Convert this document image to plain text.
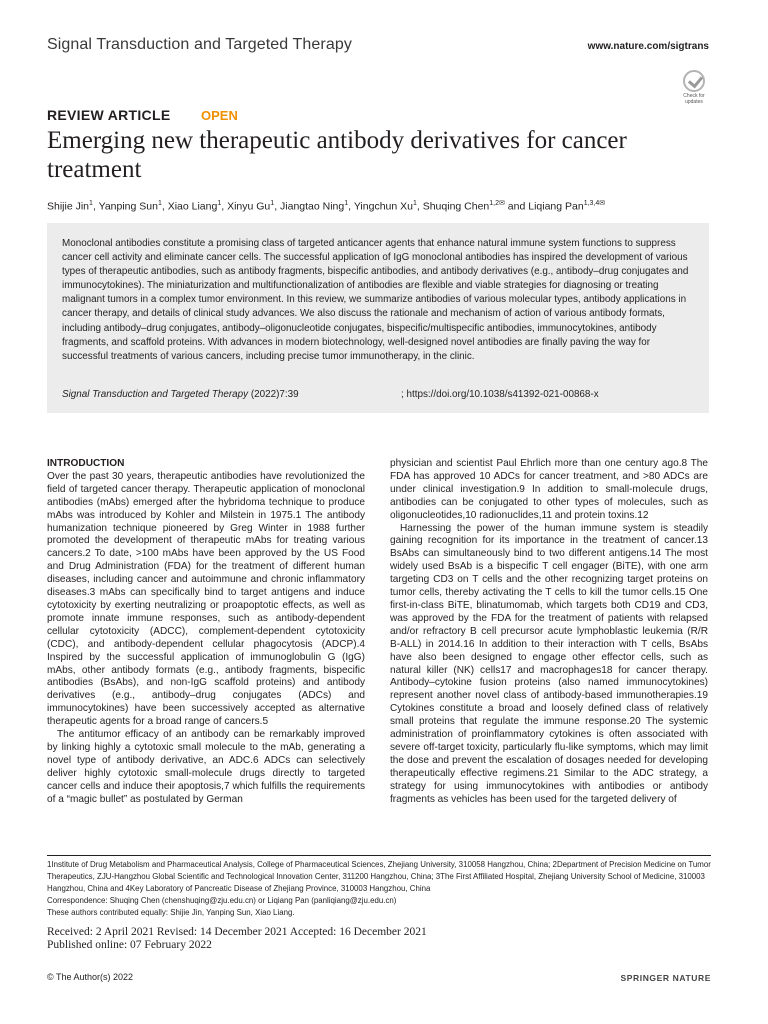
Signal Transduction and Targeted Therapy	www.nature.com/sigtrans
Check for updates
REVIEW ARTICLE OPEN
Emerging new therapeutic antibody derivatives for cancer treatment
Shijie Jin$^1$, Yanping Sun$^1$, Xiao Liang$^1$, Xinyu Gu$^1$, Jiangtao Ning$^1$, Yingchun Xu$^1$, Shuqing Chen$^{1,2✉}$ and Liqiang Pan$^{1,3,4✉}$

Monoclonal antibodies constitute a promising class of targeted anticancer agents that enhance natural immune system functions to suppress cancer cell activity and eliminate cancer cells. The successful application of IgG monoclonal antibodies has inspired the development of various types of therapeutic antibodies, such as antibody fragments, bispecific antibodies, and antibody derivatives (e.g., antibody–drug conjugates and immunocytokines). The miniaturization and multifunctionalization of antibodies are flexible and viable strategies for diagnosing or treating malignant tumors in a complex tumor environment. In this review, we summarize antibodies of various molecular types, antibody applications in cancer therapy, and details of clinical study advances. We also discuss the rationale and mechanism of action of various antibody formats, including antibody–drug conjugates, antibody–oligonucleotide conjugates, bispecific/multispecific antibodies, immunocytokines, antibody fragments, and scaffold proteins. With advances in modern biotechnology, well-designed novel antibodies are finally paving the way for successful treatments of various cancers, including precise tumor immunotherapy, in the clinic.

Signal Transduction and Targeted Therapy (2022)7:39	; https://doi.org/10.1038/s41392-021-00868-x
INTRODUCTION

Over the past 30 years, therapeutic antibodies have revolutionized the field of targeted cancer therapy. Therapeutic application of monoclonal antibodies (mAbs) emerged after the hybridoma technique to produce mAbs was introduced by Kohler and Milstein in 1975.1 The antibody humanization technique pioneered by Greg Winter in 1988 further promoted the development of therapeutic mAbs for treating various cancers.2 To date, >100 mAbs have been approved by the US Food and Drug Administration (FDA) for the treatment of different human diseases, including cancer and autoimmune and chronic inflammatory diseases.3 mAbs can specifically bind to target antigens and induce cytotoxicity by exerting neutralizing or proapoptotic effects, as well as promote innate immune responses, such as antibody-dependent cellular cytotoxicity (ADCC), complement-dependent cytotoxicity (CDC), and antibody-dependent cellular phagocytosis (ADCP).4 Inspired by the successful application of immunoglobulin G (IgG) mAbs, other antibody formats (e.g., antibody fragments, bispecific antibodies (BsAbs), and non-IgG scaffold proteins) and antibody derivatives (e.g., antibody–drug conjugates (ADCs) and immunocytokines) have been successively accepted as alternative therapeutic agents for a broad range of cancers.5

The antitumor efficacy of an antibody can be remarkably improved by linking highly a cytotoxic small molecule to the mAb, generating a novel type of antibody derivative, an ADC.6 ADCs can selectively deliver highly cytotoxic small-molecule drugs directly to targeted cancer cells and induce their apoptosis,7 which fulfills the requirements of a “magic bullet” as postulated by German

physician and scientist Paul Ehrlich more than one century ago.8 The FDA has approved 10 ADCs for cancer treatment, and >80 ADCs are under clinical investigation.9 In addition to small-molecule drugs, antibodies can be conjugated to other types of molecules, such as oligonucleotides,10 radionuclides,11 and protein toxins.12

Harnessing the power of the human immune system is steadily gaining recognition for its importance in the treatment of cancer.13 BsAbs can simultaneously bind to two different antigens.14 The most widely used BsAb is a bispecific T cell engager (BiTE), with one arm targeting CD3 on T cells and the other recognizing target proteins on tumor cells, thereby activating the T cells to kill the tumor cells.15 One first-in-class BiTE, blinatumomab, which targets both CD19 and CD3, was approved by the FDA for the treatment of patients with relapsed and/or refractory B cell precursor acute lymphoblastic leukemia (R/R B-ALL) in 2014.16 In addition to their interaction with T cells, BsAbs have also been designed to engage other effector cells, such as natural killer (NK) cells17 and macrophages18 for cancer therapy. Antibody–cytokine fusion proteins (also named immunocytokines) represent another novel class of antibody-based immunotherapies.19 Cytokines constitute a broad and loosely defined class of relatively small proteins that regulate the immune response.20 The systemic administration of proinflammatory cytokines is often associated with severe off-target toxicity, particularly flu-like symptoms, which may limit the dose and prevent the escalation of dosages needed for developing therapeutically effective regimens.21 Similar to the ADC strategy, a strategy for using immunocytokines with antibodies or antibody fragments as vehicles has been used for the targeted delivery of

1Institute of Drug Metabolism and Pharmaceutical Analysis, College of Pharmaceutical Sciences, Zhejiang University, 310058 Hangzhou, China; 2Department of Precision Medicine on Tumor Therapeutics, ZJU-Hangzhou Global Scientific and Technological Innovation Center, 311200 Hangzhou, China; 3The First Affiliated Hospital, Zhejiang University School of Medicine, 310003 Hangzhou, China and 4Key Laboratory of Pancreatic Disease of Zhejiang Province, 310003 Hangzhou, China

Correspondence: Shuqing Chen (chenshuqing@zju.edu.cn) or Liqiang Pan (panliqiang@zju.edu.cn)

These authors contributed equally: Shijie Jin, Yanping Sun, Xiao Liang.

Received: 2 April 2021 Revised: 14 December 2021 Accepted: 16 December 2021

Published online: 07 February 2022

© The Author(s) 2022	SPRINGER NATURE
